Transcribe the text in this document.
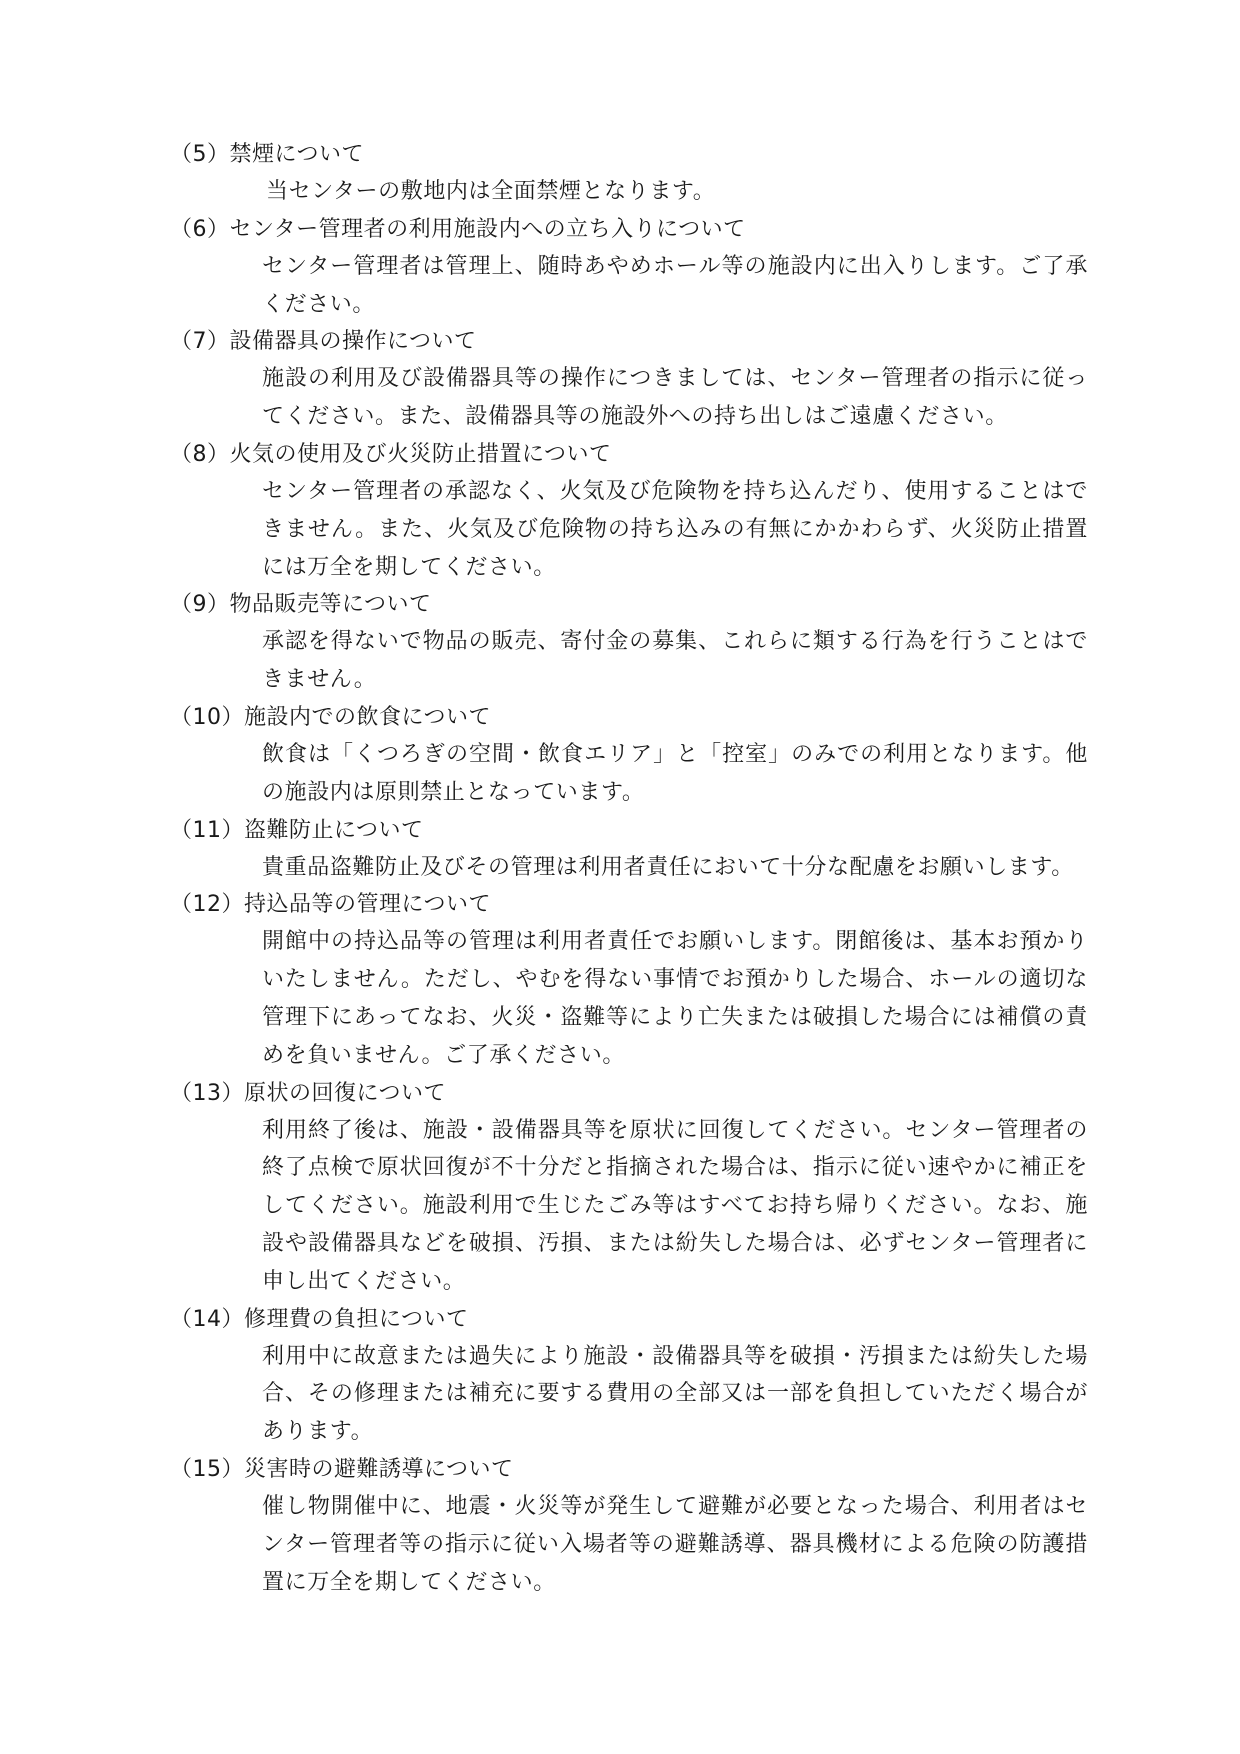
（5）禁煙について
当センターの敷地内は全面禁煙となります。
（6）センター管理者の利用施設内への立ち入りについて
センター管理者は管理上、随時あやめホール等の施設内に出入りします。ご了承ください。
（7）設備器具の操作について
施設の利用及び設備器具等の操作につきましては、センター管理者の指示に従ってください。また、設備器具等の施設外への持ち出しはご遠慮ください。
（8）火気の使用及び火災防止措置について
センター管理者の承認なく、火気及び危険物を持ち込んだり、使用することはできません。また、火気及び危険物の持ち込みの有無にかかわらず、火災防止措置には万全を期してください。
（9）物品販売等について
承認を得ないで物品の販売、寄付金の募集、これらに類する行為を行うことはできません。
（10）施設内での飲食について
飲食は「くつろぎの空間・飲食エリア」と「控室」のみでの利用となります。他の施設内は原則禁止となっています。
（11）盗難防止について
貴重品盗難防止及びその管理は利用者責任において十分な配慮をお願いします。
（12）持込品等の管理について
開館中の持込品等の管理は利用者責任でお願いします。閉館後は、基本お預かりいたしません。ただし、やむを得ない事情でお預かりした場合、ホールの適切な管理下にあってなお、火災・盗難等により亡失または破損した場合には補償の責めを負いません。ご了承ください。
（13）原状の回復について
利用終了後は、施設・設備器具等を原状に回復してください。センター管理者の終了点検で原状回復が不十分だと指摘された場合は、指示に従い速やかに補正をしてください。施設利用で生じたごみ等はすべてお持ち帰りください。なお、施設や設備器具などを破損、汚損、または紛失した場合は、必ずセンター管理者に申し出てください。
（14）修理費の負担について
利用中に故意または過失により施設・設備器具等を破損・汚損または紛失した場合、その修理または補充に要する費用の全部又は一部を負担していただく場合があります。
（15）災害時の避難誘導について
催し物開催中に、地震・火災等が発生して避難が必要となった場合、利用者はセンター管理者等の指示に従い入場者等の避難誘導、器具機材による危険の防護措置に万全を期してください。
